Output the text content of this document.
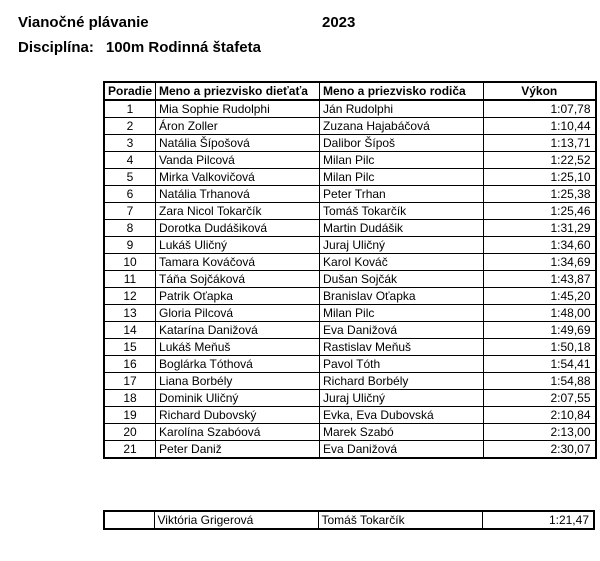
Vianočné plávanie	2023
Disciplína: 100m Rodinná štafeta
Poradie	Meno a priezvisko dieťaťa	Meno a priezvisko rodiča	Výkon
1	Mia Sophie Rudolphi	Ján Rudolphi	1:07,78
2	Áron Zoller	Zuzana Hajabáčová	1:10,44
3	Natália Šípošová	Dalibor Šípoš	1:13,71
4	Vanda Pilcová	Milan Pilc	1:22,52
5	Mirka Valkovičová	Milan Pilc	1:25,10
6	Natália Trhanová	Peter Trhan	1:25,38
7	Zara Nicol Tokarčík	Tomáš Tokarčík	1:25,46
8	Dorotka Dudášiková	Martin Dudášik	1:31,29
9	Lukáš Uličný	Juraj Uličný	1:34,60
10	Tamara Kováčová	Karol Kováč	1:34,69
11	Táňa Sojčáková	Dušan Sojčák	1:43,87
12	Patrik Oťapka	Branislav Oťapka	1:45,20
13	Gloria Pilcová	Milan Pilc	1:48,00
14	Katarína Danižová	Eva Danižová	1:49,69
15	Lukáš Meňuš	Rastislav Meňuš	1:50,18
16	Boglárka Tóthová	Pavol Tóth	1:54,41
17	Liana Borbély	Richard Borbély	1:54,88
18	Dominik Uličný	Juraj Uličný	2:07,55
19	Richard Dubovský	Evka, Eva Dubovská	2:10,84
20	Karolína Szabóová	Marek Szabó	2:13,00
21	Peter Daniž	Eva Danižová	2:30,07
	Viktória Grigerová	Tomáš Tokarčík	1:21,47
